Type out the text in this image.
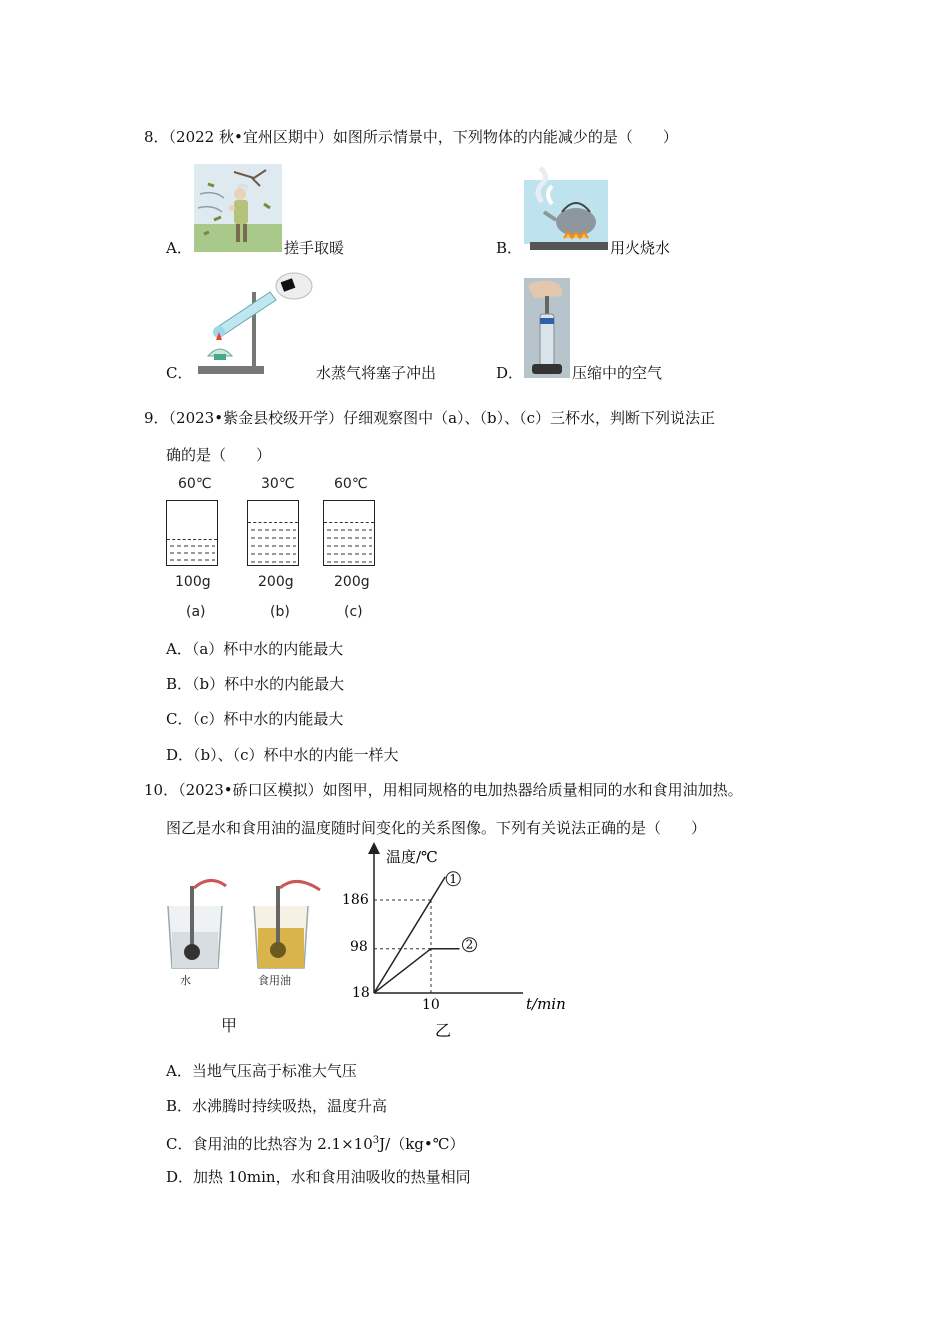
8．（2022 秋•宜州区期中）如图所示情景中，下列物体的内能减少的是（　　）
A．	搓手取暖	B．	用火烧水
C．	水蒸气将塞子冲出	D．	压缩中的空气
9．（2023•紫金县校级开学）仔细观察图中（a）、（b）、（c）三杯水，判断下列说法正
确的是（　　）
60℃
100g
(a)
30℃
200g
(b)
60℃
200g
(c)
A．（a）杯中水的内能最大
B．（b）杯中水的内能最大
C．（c）杯中水的内能最大
D．（b）、（c）杯中水的内能一样大
10．（2023•硚口区模拟）如图甲，用相同规格的电加热器给质量相同的水和食用油加热。
图乙是水和食用油的温度随时间变化的关系图像。下列有关说法正确的是（　　）
水	食用油
甲
1
2
温度/℃
t/min
186
98
18
10
乙
A．当地气压高于标准大气压
B．水沸腾时持续吸热，温度升高
C．食用油的比热容为 $2.1\times 10^3J/(kg•℃)$
D．加热 10min，水和食用油吸收的热量相同
